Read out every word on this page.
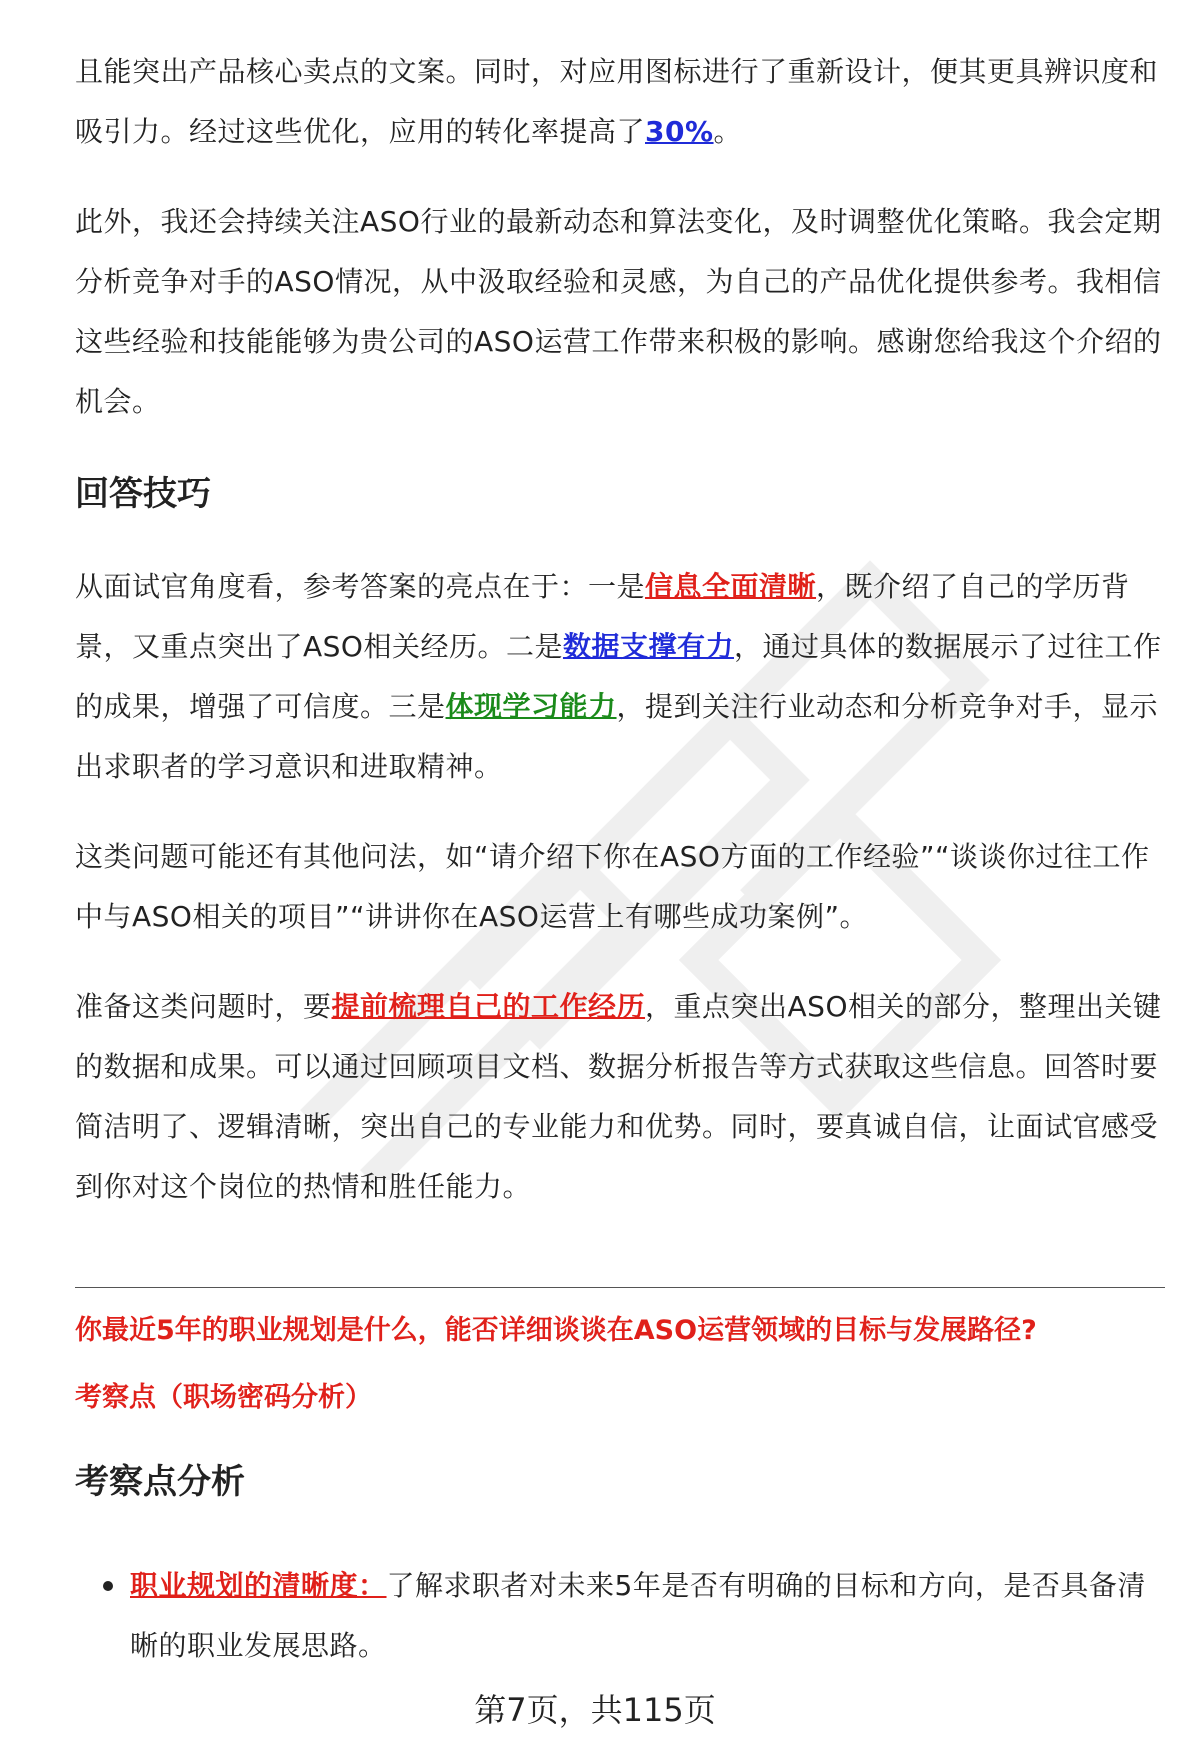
且能突出产品核心卖点的文案。同时，对应用图标进行了重新设计，便其更具辨识度和吸引力。经过这些优化，应用的转化率提高了30%。

此外，我还会持续关注ASO行业的最新动态和算法变化，及时调整优化策略。我会定期分析竞争对手的ASO情况，从中汲取经验和灵感，为自己的产品优化提供参考。我相信这些经验和技能能够为贵公司的ASO运营工作带来积极的影响。感谢您给我这个介绍的机会。

回答技巧

从面试官角度看，参考答案的亮点在于：一是信息全面清晰，既介绍了自己的学历背景，又重点突出了ASO相关经历。二是数据支撑有力，通过具体的数据展示了过往工作的成果，增强了可信度。三是体现学习能力，提到关注行业动态和分析竞争对手，显示出求职者的学习意识和进取精神。

这类问题可能还有其他问法，如“请介绍下你在ASO方面的工作经验”“谈谈你过往工作中与ASO相关的项目”“讲讲你在ASO运营上有哪些成功案例”。

准备这类问题时，要提前梳理自己的工作经历，重点突出ASO相关的部分，整理出关键的数据和成果。可以通过回顾项目文档、数据分析报告等方式获取这些信息。回答时要简洁明了、逻辑清晰，突出自己的专业能力和优势。同时，要真诚自信，让面试官感受到你对这个岗位的热情和胜任能力。

你最近5年的职业规划是什么，能否详细谈谈在ASO运营领域的目标与发展路径?
考察点（职场密码分析）
考察点分析
职业规划的清晰度：了解求职者对未来5年是否有明确的目标和方向，是否具备清晰的职业发展思路。
第7页，共115页
